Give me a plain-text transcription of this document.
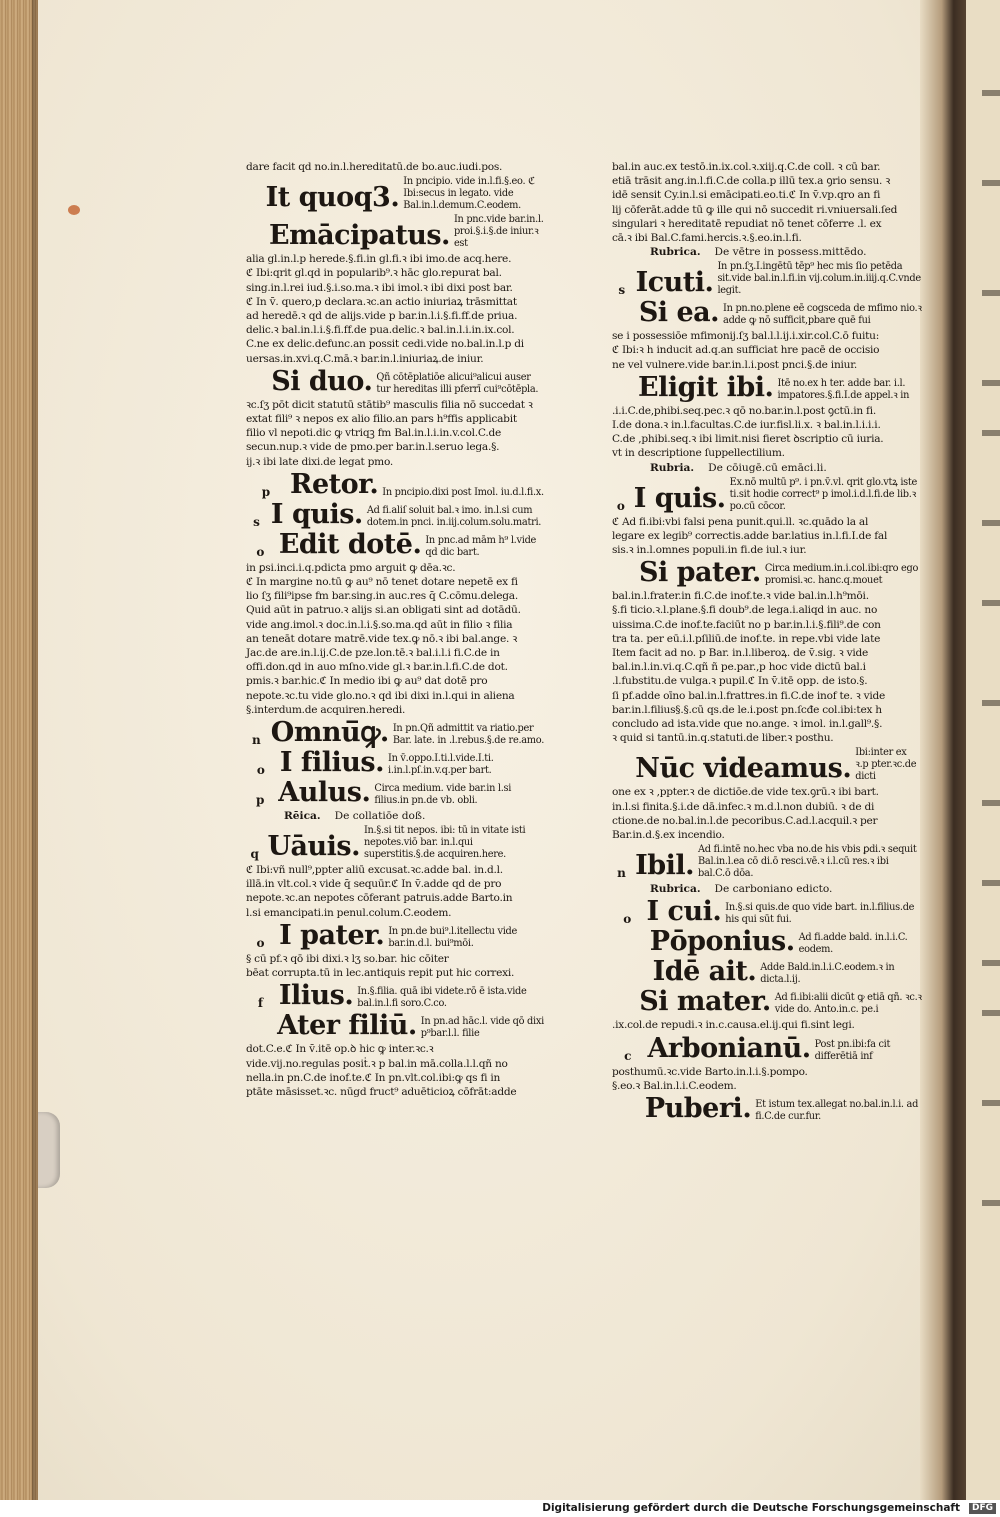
dare facit qd no.in.l.hereditatū.de bo.auc.iudi.pos.
It quoq3.
In pncipio. vide in.l.fi.§.eo. ℭ Ibi:secus in legato. vide Bal.in.l.demum.C.eodem.
Emācipatus.
In pnc.vide bar.in.l. proi.§.i.§.de iniur.ꝛ est
alia gl.in.l.p herede.§.fi.in gl.fi.ꝛ ibi imo.de acq.here.
ℭ Ibi:qrit gl.qd in popularib⁹.ꝛ hāc glo.repurat bal.
sing.in.l.rei iud.§.i.so.ma.ꝛ ibi imol.ꝛ ibi dixi post bar.
ℭ In v̄. quero,p declara.ꝛc.an actio iniuriaꝝ trāsmittat
ad heredē.ꝛ qd de alijs.vide p bar.in.l.i.§.fi.ff.de priua.
delic.ꝛ bal.in.l.i.§.fi.ff.de pua.delic.ꝛ bal.in.l.i.in.ix.col.
C.ne ex delic.defunc.an possit cedi.vide no.bal.in.l.p di
uersas.in.xvi.q.C.mā.ꝛ bar.in.l.iniuriaꝝ.de iniur.
Si duo. Qñ cōtēplatiōe alicui⁹alicui auser tur hereditas illi pferrī cui⁹cōtēpla.
ꝛc.ſʒ pōt dicit statutū stātib⁹ masculis filia nō succedat ꝛ
extat fili⁹ ꝛ nepos ex alio filio.an pars h⁹ffis applicabit
filio vl nepoti.dic ꝙ vtriqꝫ fm Bal.in.l.i.in.v.col.C.de
secun.nup.ꝛ vide de pmo.per bar.in.l.seruo lega.§.
ij.ꝛ ibi late dixi.de legat pmo.
p Retor. In pncipio.dixi post Imol. iu.d.l.fi.x.
s I quis. Ad fi.aliſ soluit bal.ꝛ imo. in.l.si cum dotem.in pnci. in.iij.colum.solu.matri.
o Edit dotē. In pnc.ad mām h⁹ l.vide qd dic bart.
in ꝑsi.inci.i.q.pdicta pmo arguit ꝙ dēa.ꝛc.
ℭ In margine no.tū ꝙ au⁹ nō tenet dotare nepetē ex fi
lio ſʒ fili⁹ipse fm bar.sing.in auc.res q̄ C.cōmu.delega.
Quid aūt in patruo.ꝛ alijs si.an obligati sint ad dotādū.
vide ang.imol.ꝛ doc.in.l.i.§.so.ma.qd aūt in filio ꝛ filia
an teneāt dotare matrē.vide tex.ꝙ nō.ꝛ ibi bal.ange. ꝛ
Jac.de are.in.l.ij.C.de pze.lon.tē.ꝛ bal.i.l.i fi.C.de in
offi.don.qd in auo mſno.vide gl.ꝛ bar.in.l.fi.C.de dot.
pmis.ꝛ bar.hic.ℭ In medio ibi ꝙ au⁹ dat dotē pro
nepote.ꝛc.tu vide glo.no.ꝛ qd ibi dixi in.l.qui in aliena
§.interdum.de acquiren.heredi.
n Omnū̄ꝙ. In pn.Qñ admittit va riatio.per Bar. late. in .l.rebus.§.de re.amo.
o I filius. In v̄.oppo.I.ti.l.vide.I.ti. i.in.l.pſ.in.v.q.per bart.
p Aulus. Circa medium. vide bar.in l.si filius.in pn.de vb. obli.
Rēica. De collatiōe doß.
q Uāuis.
In.§.si tit nepos. ibi: tū in vitate isti nepotes.viō bar. in.l.qui superstitis.§.de acquiren.here.
ℭ Ibi:vñ null⁹,ppter aliū excusat.ꝛc.adde bal. in.d.l.
illā.in vlt.col.ꝛ vide q̄ sequūr.ℭ In v̄.adde qd de pro
nepote.ꝛc.an nepotes cōferant patruis.adde Barto.in
l.si emancipati.in penul.colum.C.eodem.
o I pater. In pn.de bui⁹.l.itellectu vide bar.in.d.l. bui⁹mōi.
§ cū pf.ꝛ qō ibi dixi.ꝛ lʒ so.bar. hic cōiter
bēat corrupta.tū in lec.antiquis repit put hic correxi.
f Ilius. In.§.filia. quā ibi videte.rō ē ista.vide bal.in.l.fi soro.C.co.
Ater filiū. In pn.ad hāc.l. vide qō dixi p⁹bar.l.l. filie
dot.C.e.ℭ In v̄.itē op.ꝺ hic ꝙ inter.ꝛc.ꝛ
vide.vij.no.regulas posiṫ.ꝛ p bal.in mā.colla.l.l.qñ no
nella.in pn.C.de inof.te.ℭ In pn.vlt.col.ibi:ꝙ qs fi in
ptāte māsisset.ꝛc. nūgd fruct⁹ aduēticioꝝ cōfrāt:adde
bal.in auc.ex testō.in.ix.col.ꝛ.xiij.q.C.de coll. ꝛ cū bar.
etiā trāsit ang.in.l.fi.C.de colla.p illū tex.a ꝯrio sensu. ꝛ
idē sensit Cy.in.l.si emācipati.eo.ti.ℭ In v̄.vp.qro an fi
lij cōferāt.adde tū ꝙ ille qui nō succedit ri.vniuersali.ſed
singulari ꝛ hereditatē repudiat nō tenet cōferre .l. ex
cā.ꝛ ibi Bal.C.fami.hercis.ꝛ.§.eo.in.l.fi.
Rubrica. De vētre in possess.mittēdo.
s Icuti.
In pn.ſʒ.I.ingētū tēp⁹ hec mis ſio petēda sit.vide bal.in.l.fi.in vij.colum.in.iiij.q.C.vnde legit.
Si ea. In pn.no.plene eē cogsceda de mfimo nio.ꝛ adde ꝙ nō sufficit,pbare quē fui
se i possessiōe mfimonij.ſʒ bal.l.l.ij.i.xir.col.C.ō fuitu:
ℭ Ibi:ꝛ h inducit ad.q.an sufficiat hre pacē de occisio
ne vel vulnere.vide bar.in.l.i.post pnci.§.de iniur.
Eligit ibi. Itē no.ex h ter. adde bar. i.l. impatores.§.fi.I.de appel.ꝛ in
.i.i.C.de,phibi.seq.pec.ꝛ qō no.bar.in.l.post ꝯctū.in fi.
I.de dona.ꝛ in.l.facultas.C.de iur.fisl.li.x. ꝛ bal.in.l.i.i.i.
C.de ,phibi.seq.ꝛ ibi limit.nisi fieret ꝺscriptio cū iuria.
vt in descriptione ſuppellectilium.
Rubria. De cōiugē.cū emāci.li.
o I quis.
Ex.nō multū p⁹. i pn.v̄.vl. qrit glo.vtꝝ iste ti.sit hodie correct⁹ p imol.i.d.l.fi.de lib.ꝛ po.cū cōcor.
ℭ Ad fi.ibi:vbi falsi pena punit.qui.ll. ꝛc.quādo la al
legare ex legib⁹ correctis.adde bar.latius in.l.fi.I.de fal
sis.ꝛ in.l.omnes populi.in fi.de iul.ꝛ iur.
Si pater. Circa medium.in.i.col.ibi:qro ego promisi.ꝛc. hanc.q.mouet
bal.in.l.frater.in fi.C.de inof.te.ꝛ vide bal.in.l.h⁹mōi.
§.fi ticio.ꝛ.l.plane.§.fi doub⁹.de lega.i.aliqd in auc. no
uissima.C.de inof.te.faciūt no p bar.in.l.i.§.fili⁹.de con
tra ta. per eū.i.l.pſiliū.de inof.te. in repe.vbi vide late
Item facit ad no. p Bar. in.l.liberoꝝ. de v̄.sig. ꝛ vide
bal.in.l.in.vi.q.C.qñ ñ pe.par.,p hoc vide dictū bal.i
.l.fubstitu.de vulga.ꝛ pupil.ℭ In v̄.itē opp. de isto.§.
ſi pf.adde oīno bal.in.l.frattres.in fi.C.de inof te. ꝛ vide
bar.in.l.filius§.§.cū qs.de le.i.post pn.ſcđe col.ibi:tex h
concludo ad ista.vide que no.ange. ꝛ imol. in.l.gall⁹.§.
ꝛ quid si tantū.in.q.statuti.de liber.ꝛ posthu.
Nūc videamus.
Ibi:inter ex ꝛ.p pter.ꝛc.de dicti
one ex ꝛ ,ppter.ꝛ de dictiōe.de vide tex.ꝯrū.ꝛ ibi bart.
in.l.si finita.§.i.de dā.infec.ꝛ m.d.l.non dubiū. ꝛ de di
ctione.de no.bal.in.l.de pecoribus.C.ad.l.acquil.ꝛ per
Bar.in.d.§.ex incendio.
n Ibil.
Ad fi.intē no.hec vba no.de his vbis ꝑdi.ꝛ sequit Bal.in.l.ea cō di.ō resci.vē.ꝛ i.l.cū res.ꝛ ibi bal.C.ō dōa.
Rubrica. De carboniano edicto.
o I cui. In.§.si quis.de quo vide bart. in.l.filius.de his qui sūt fui.
Pōponius. Ad fi.adde bald. in.l.i.C. eodem.
Idē ait. Adde Bald.in.l.i.C.eodem.ꝛ in dicta.l.ij.
Si mater. Ad fi.ibi:alii dicūt ꝙ etiā qñ. ꝛc.ꝛ vide do. Anto.in.c. pe.i
.ix.col.de repudi.ꝛ in.c.causa.el.ij.qui fi.sint legi.
c Arbonianū. Post pn.ibi:fa cit differētiā inf
posthumū.ꝛc.vide Barto.in.l.i.§.pompo.
§.eo.ꝛ Bal.in.l.i.C.eodem.
Puberi. Et istum tex.allegat no.bal.in.l.i. ad fi.C.de cur.fur.
Digitalisierung gefördert durch die Deutsche Forschungsgemeinschaft	DFG
